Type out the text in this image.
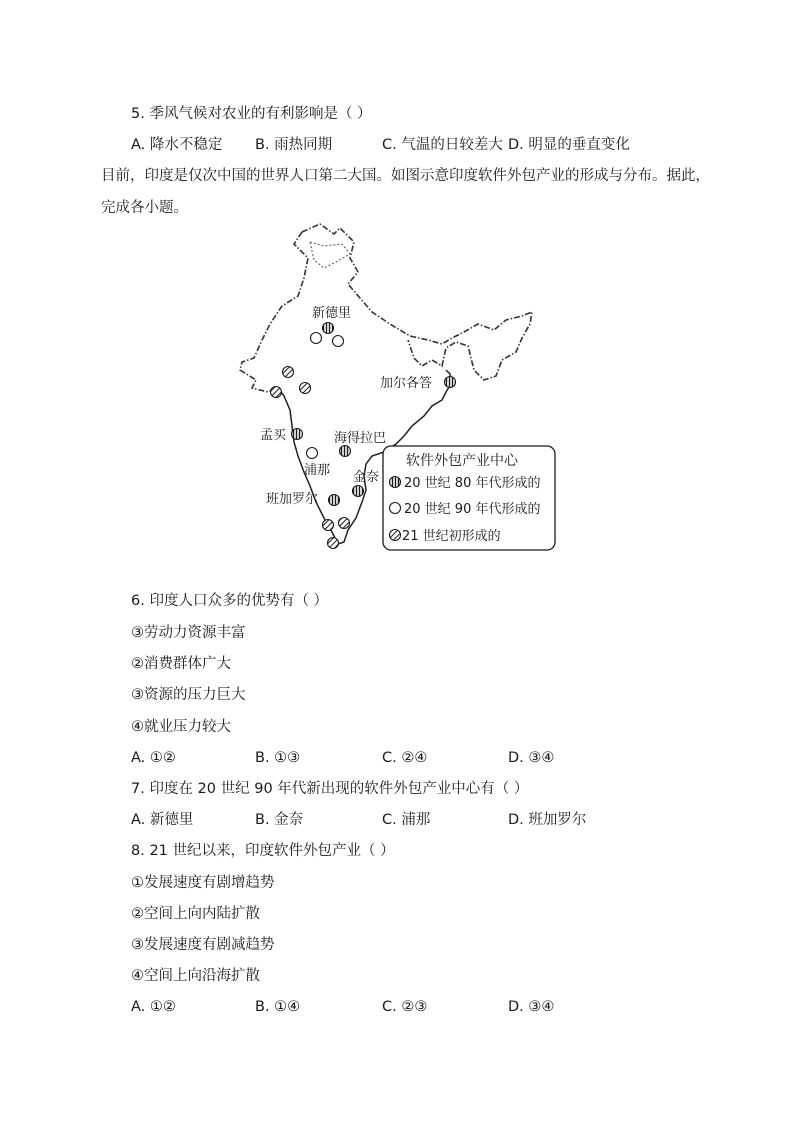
5. 季风气候对农业的有利影响是（ ）
A. 降水不稳定 B. 雨热同期	C. 气温的日较差大 D. 明显的垂直变化
目前，印度是仅次中国的世界人口第二大国。如图示意印度软件外包产业的形成与分布。据此，
完成各小题。
新德里
加尔各答
孟买	海得拉巴
浦那 金奈
班加罗尔
软件外包产业中心
20 世纪 80 年代形成的
20 世纪 90 年代形成的
21 世纪初形成的
6. 印度人口众多的优势有（ ）
③劳动力资源丰富
②消费群体广大
③资源的压力巨大
④就业压力较大
A. ①②	B. ①③	C. ②④	D. ③④
7. 印度在 20 世纪 90 年代新出现的软件外包产业中心有（ ）
A. 新德里	B. 金奈	C. 浦那	D. 班加罗尔
8. 21 世纪以来，印度软件外包产业（ ）
①发展速度有剧增趋势
②空间上向内陆扩散
③发展速度有剧减趋势
④空间上向沿海扩散
A. ①②	B. ①④	C. ②③	D. ③④
